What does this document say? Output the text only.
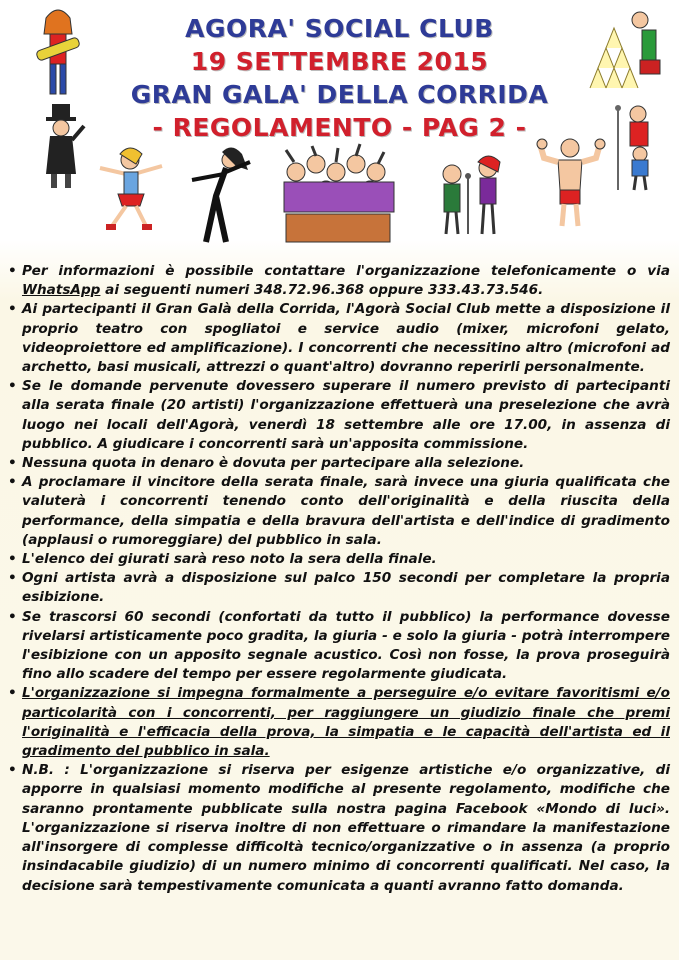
AGORA' SOCIAL CLUB
19 SETTEMBRE 2015
GRAN GALA' DELLA CORRIDA
- REGOLAMENTO - PAG 2 -
• Per informazioni è possibile contattare l'organizzazione telefonicamente o via WhatsApp ai seguenti numeri 348.72.96.368 oppure 333.43.73.546.
• Ai partecipanti il Gran Galà della Corrida, l'Agorà Social Club mette a disposizione il proprio teatro con spogliatoi e service audio (mixer, microfoni gelato, videoproiettore ed amplificazione). I concorrenti che necessitino altro (microfoni ad archetto, basi musicali, attrezzi o quant'altro) dovranno reperirli personalmente.
• Se le domande pervenute dovessero superare il numero previsto di partecipanti alla serata finale (20 artisti) l'organizzazione effettuerà una preselezione che avrà luogo nei locali dell'Agorà, venerdì 18 settembre alle ore 17.00, in assenza di pubblico. A giudicare i concorrenti sarà un'apposita commissione.
• Nessuna quota in denaro è dovuta per partecipare alla selezione.
• A proclamare il vincitore della serata finale, sarà invece una giuria qualificata che valuterà i concorrenti tenendo conto dell'originalità e della riuscita della performance, della simpatia e della bravura dell'artista e dell'indice di gradimento (applausi o rumoreggiare) del pubblico in sala.
• L'elenco dei giurati sarà reso noto la sera della finale.
• Ogni artista avrà a disposizione sul palco 150 secondi per completare la propria esibizione.
• Se trascorsi 60 secondi (confortati da tutto il pubblico) la performance dovesse rivelarsi artisticamente poco gradita, la giuria - e solo la giuria - potrà interrompere l'esibizione con un apposito segnale acustico. Così non fosse, la prova proseguirà fino allo scadere del tempo per essere regolarmente giudicata.
• L'organizzazione si impegna formalmente a perseguire e/o evitare favoritismi e/o particolarità con i concorrenti, per raggiungere un giudizio finale che premi l'originalità e l'efficacia della prova, la simpatia e le capacità dell'artista ed il gradimento del pubblico in sala.
• N.B. : L'organizzazione si riserva per esigenze artistiche e/o organizzative, di apporre in qualsiasi momento modifiche al presente regolamento, modifiche che saranno prontamente pubblicate sulla nostra pagina Facebook «Mondo di luci». L'organizzazione si riserva inoltre di non effettuare o rimandare la manifestazione all'insorgere di complesse difficoltà tecnico/organizzative o in assenza (a proprio insindacabile giudizio) di un numero minimo di concorrenti qualificati. Nel caso, la decisione sarà tempestivamente comunicata a quanti avranno fatto domanda.
